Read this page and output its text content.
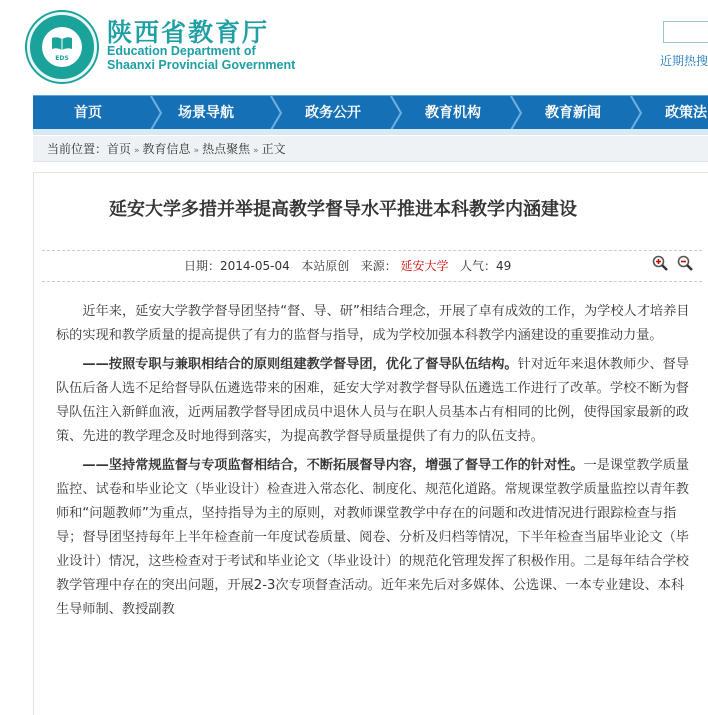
EDS
陕西省教育厅
Education Department of
Shaanxi Provincial Government	近期热搜
首页	场景导航	政务公开	教育机构	教育新闻	政策法
当前位置：首页 » 教育信息 » 热点聚焦 » 正文
延安大学多措并举提高教学督导水平推进本科教学内涵建设
日期：2014-05-04 本站原创 来源： 延安大学 人气：49

近年来，延安大学教学督导团坚持“督、导、研”相结合理念，开展了卓有成效的工作，为学校人才培养目标的实现和教学质量的提高提供了有力的监督与指导，成为学校加强本科教学内涵建设的重要推动力量。

——按照专职与兼职相结合的原则组建教学督导团，优化了督导队伍结构。针对近年来退休教师少、督导队伍后备人选不足给督导队伍遴选带来的困难，延安大学对教学督导队伍遴选工作进行了改革。学校不断为督导队伍注入新鲜血液，近两届教学督导团成员中退休人员与在职人员基本占有相同的比例，使得国家最新的政策、先进的教学理念及时地得到落实，为提高教学督导质量提供了有力的队伍支持。

——坚持常规监督与专项监督相结合，不断拓展督导内容，增强了督导工作的针对性。一是课堂教学质量监控、试卷和毕业论文（毕业设计）检查进入常态化、制度化、规范化道路。常规课堂教学质量监控以青年教师和“问题教师”为重点，坚持指导为主的原则，对教师课堂教学中存在的问题和改进情况进行跟踪检查与指导；督导团坚持每年上半年检查前一年度试卷质量、阅卷、分析及归档等情况，下半年检查当届毕业论文（毕业设计）情况，这些检查对于考试和毕业论文（毕业设计）的规范化管理发挥了积极作用。二是每年结合学校教学管理中存在的突出问题，开展2-3次专项督查活动。近年来先后对多媒体、公选课、一本专业建设、本科生导师制、教授副教
